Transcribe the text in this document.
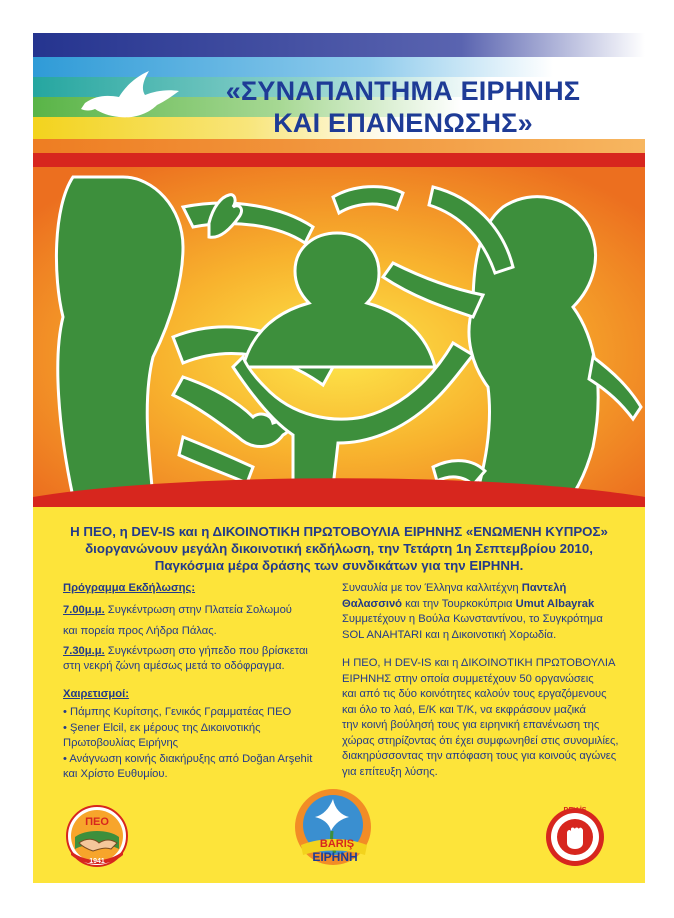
«ΣΥΝΑΠΑΝΤΗΜΑ ΕΙΡΗΝΗΣ
ΚΑΙ ΕΠΑΝΕΝΩΣΗΣ»
Η ΠΕΟ, η DEV-IS και η ΔΙΚΟΙΝΟΤΙΚΗ ΠΡΩΤΟΒΟΥΛΙΑ ΕΙΡΗΝΗΣ «ΕΝΩΜΕΝΗ ΚΥΠΡΟΣ»
διοργανώνουν μεγάλη δικοινοτική εκδήλωση, την Τετάρτη 1η Σεπτεμβρίου 2010,
Παγκόσμια μέρα δράσης των συνδικάτων για την ΕΙΡΗΝΗ.

Πρόγραμμα Εκδήλωσης:

7.00μ.μ. Συγκέντρωση στην Πλατεία Σολωμού

και πορεία προς Λήδρα Πάλας.

7.30μ.μ. Συγκέντρωση στο γήπεδο που βρίσκεται

στη νεκρή ζώνη αμέσως μετά το οδόφραγμα.

Χαιρετισμοί:

• Πάμπης Κυρίτσης, Γενικός Γραμματέας ΠΕΟ

• Şener Elcil, εκ μέρους της Δικοινοτικής

Πρωτοβουλίας Ειρήνης

• Ανάγνωση κοινής διακήρυξης από Doğan Arşehit

και Χρίστο Ευθυμίου.

Συναυλία με τον Έλληνα καλλιτέχνη Παντελή

Θαλασσινό και την Τουρκοκύπρια Umut Albayrak

Συμμετέχουν η Βούλα Κωνσταντίνου, το Συγκρότημα

SOL ANAHTARI και η Δικοινοτική Χορωδία.

Η ΠΕΟ, Η DEV-IS και η ΔΙΚΟΙΝΟΤΙΚΗ ΠΡΩΤΟΒΟΥΛΙΑ

ΕΙΡΗΝΗΣ στην οποία συμμετέχουν 50 οργανώσεις

και από τις δύο κοινότητες καλούν τους εργαζόμενους

και όλο το λαό, Ε/Κ και Τ/Κ, να εκφράσουν μαζικά

την κοινή βούλησή τους για ειρηνική επανένωση της

χώρας στηρίζοντας ότι έχει συμφωνηθεί στις συνομιλίες,

διακηρύσσοντας την απόφαση τους για κοινούς αγώνες

για επίτευξη λύσης.

ΠΕΟ
1941
BARIŞ
ΕΙΡΗΝΗ
DEV-İŞ
